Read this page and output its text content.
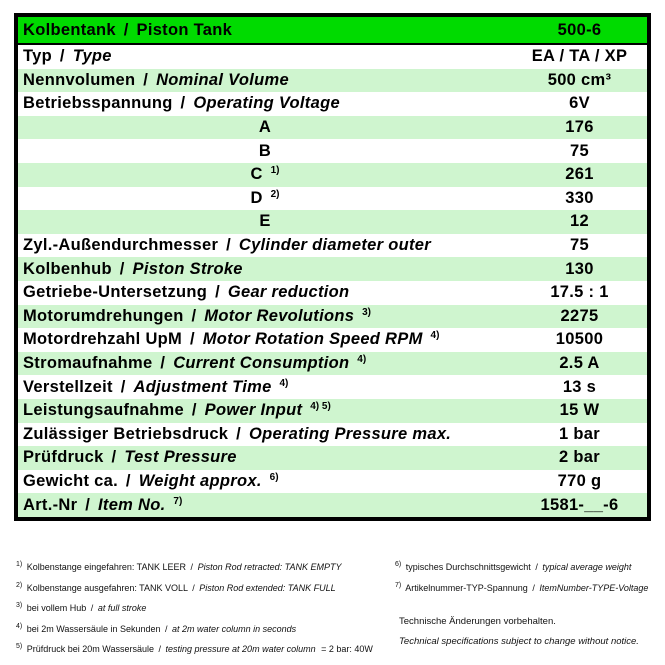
Kolbentank / Piston Tank	500-6
Typ / Type	EA / TA / XP
Nennvolumen / Nominal Volume	500 cm³
Betriebsspannung / Operating Voltage	6V
A	176
B	75
C $^{1)}$	261
D $^{2)}$	330
E	12
Zyl.-Außendurchmesser / Cylinder diameter outer	75
Kolbenhub / Piston Stroke	130
Getriebe-Untersetzung / Gear reduction	17.5 : 1
Motorumdrehungen / Motor Revolutions $^{3)}$	2275
Motordrehzahl UpM / Motor Rotation Speed RPM $^{4)}$	10500
Stromaufnahme / Current Consumption $^{4)}$	2.5 A
Verstellzeit / Adjustment Time $^{4)}$	13 s
Leistungsaufnahme / Power Input $^{4) 5)}$	15 W
Zulässiger Betriebsdruck / Operating Pressure max.	1 bar
Prüfdruck / Test Pressure	2 bar
Gewicht ca. / Weight approx. $^{6)}$	770 g
Art.-Nr / Item No. $^{7)}$	1581-__-6
$^{1)}$ Kolbenstange eingefahren: TANK LEER / Piston Rod retracted: TANK EMPTY
$^{2)}$ Kolbenstange ausgefahren: TANK VOLL / Piston Rod extended: TANK FULL
$^{3)}$ bei vollem Hub / at full stroke
$^{4)}$ bei 2m Wassersäule in Sekunden / at 2m water column in seconds
$^{5)}$ Prüfdruck bei 20m Wassersäule / testing pressure at 20m water column = 2 bar: 40W
$^{6)}$ typisches Durchschnittsgewicht / typical average weight
$^{7)}$ Artikelnummer-TYP-Spannung / ItemNumber-TYPE-Voltage
Technische Änderungen vorbehalten.
Technical specifications subject to change without notice.
